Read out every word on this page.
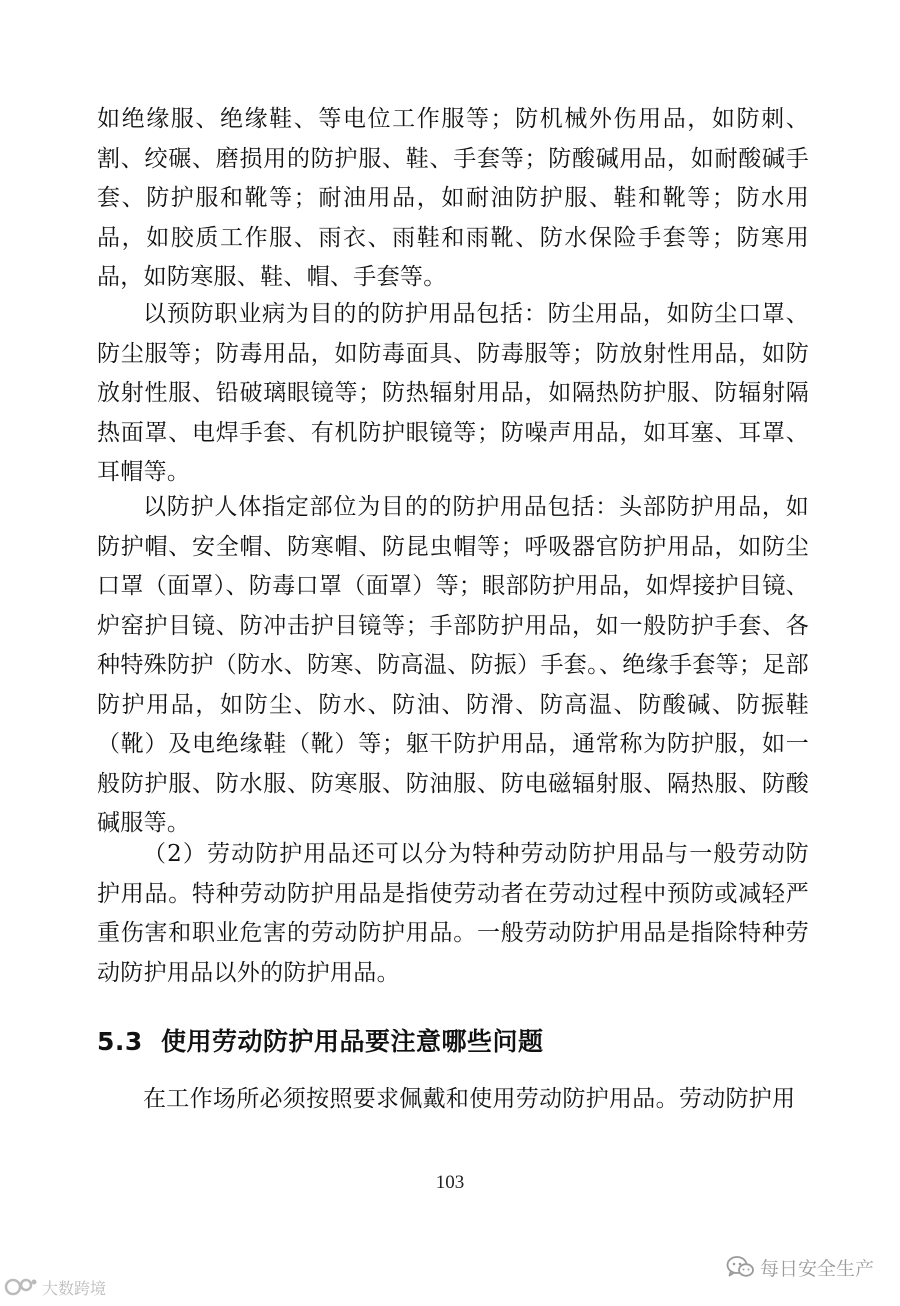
如绝缘服、绝缘鞋、等电位工作服等；防机械外伤用品，如防刺、割、绞碾、磨损用的防护服、鞋、手套等；防酸碱用品，如耐酸碱手套、防护服和靴等；耐油用品，如耐油防护服、鞋和靴等；防水用品，如胶质工作服、雨衣、雨鞋和雨靴、防水保险手套等；防寒用品，如防寒服、鞋、帽、手套等。

以预防职业病为目的的防护用品包括：防尘用品，如防尘口罩、防尘服等；防毒用品，如防毒面具、防毒服等；防放射性用品，如防放射性服、铅破璃眼镜等；防热辐射用品，如隔热防护服、防辐射隔热面罩、电焊手套、有机防护眼镜等；防噪声用品，如耳塞、耳罩、耳帽等。

以防护人体指定部位为目的的防护用品包括：头部防护用品，如防护帽、安全帽、防寒帽、防昆虫帽等；呼吸器官防护用品，如防尘口罩（面罩）、防毒口罩（面罩）等；眼部防护用品，如焊接护目镜、炉窑护目镜、防冲击护目镜等；手部防护用品，如一般防护手套、各种特殊防护（防水、防寒、防高温、防振）手套。、绝缘手套等；足部防护用品，如防尘、防水、防油、防滑、防高温、防酸碱、防振鞋（靴）及电绝缘鞋（靴）等；躯干防护用品，通常称为防护服，如一般防护服、防水服、防寒服、防油服、防电磁辐射服、隔热服、防酸碱服等。

（2）劳动防护用品还可以分为特种劳动防护用品与一般劳动防护用品。特种劳动防护用品是指使劳动者在劳动过程中预防或减轻严重伤害和职业危害的劳动防护用品。一般劳动防护用品是指除特种劳动防护用品以外的防护用品。

5.3 使用劳动防护用品要注意哪些问题

在工作场所必须按照要求佩戴和使用劳动防护用品。劳动防护用

103
大数跨境
每日安全生产
